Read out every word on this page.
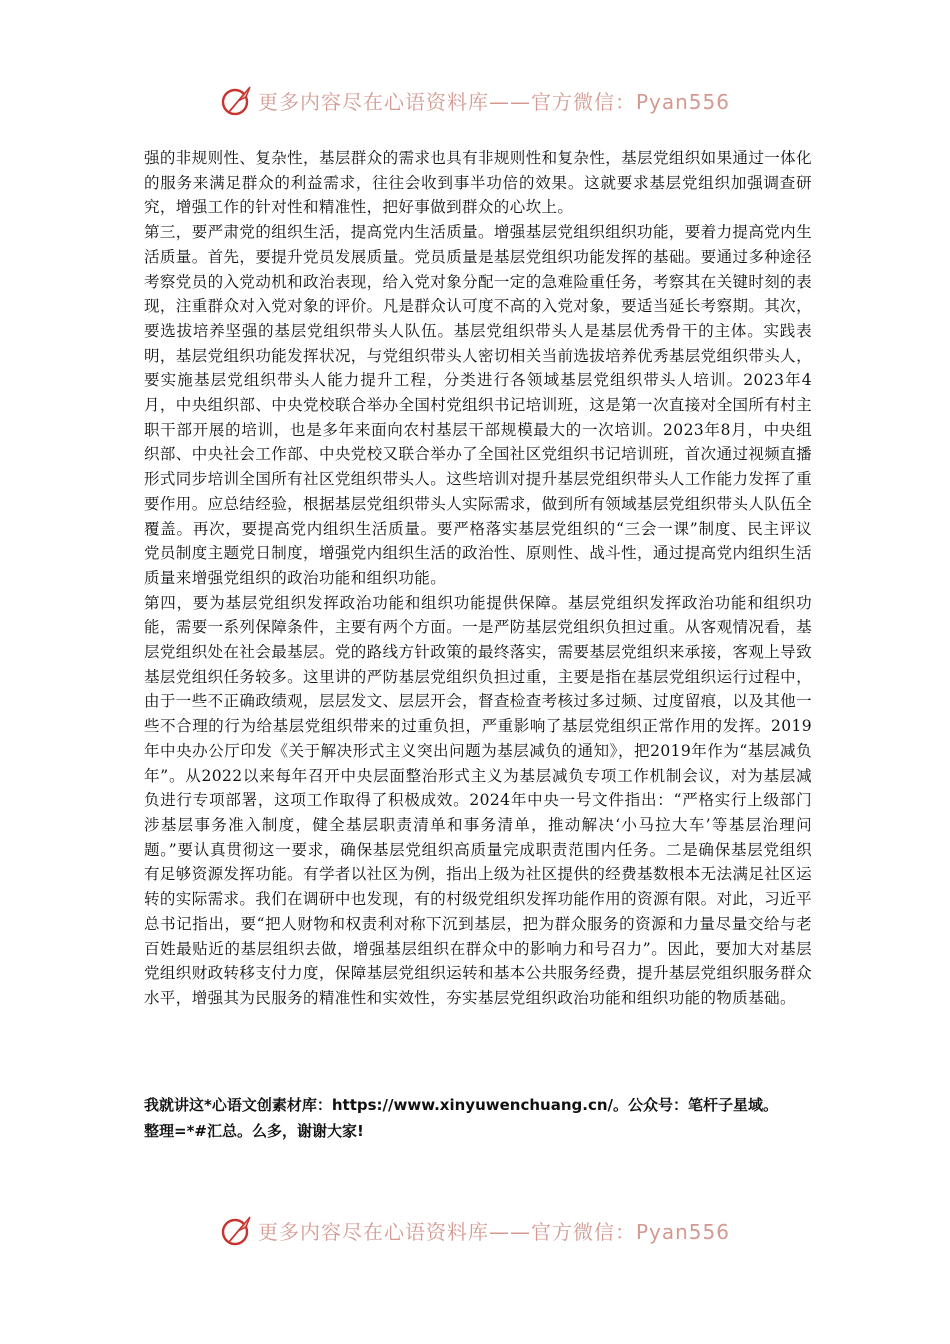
更多内容尽在心语资料库——官方微信：Pyan556

强的非规则性、复杂性，基层群众的需求也具有非规则性和复杂性，基层党组织如果通过一体化的服务来满足群众的利益需求，往往会收到事半功倍的效果。这就要求基层党组织加强调查研究，增强工作的针对性和精准性，把好事做到群众的心坎上。

第三，要严肃党的组织生活，提高党内生活质量。增强基层党组织组织功能，要着力提高党内生活质量。首先，要提升党员发展质量。党员质量是基层党组织功能发挥的基础。要通过多种途径考察党员的入党动机和政治表现，给入党对象分配一定的急难险重任务，考察其在关键时刻的表现，注重群众对入党对象的评价。凡是群众认可度不高的入党对象，要适当延长考察期。其次，要选拔培养坚强的基层党组织带头人队伍。基层党组织带头人是基层优秀骨干的主体。实践表明，基层党组织功能发挥状况，与党组织带头人密切相关当前选拔培养优秀基层党组织带头人，要实施基层党组织带头人能力提升工程，分类进行各领域基层党组织带头人培训。2023年4月，中央组织部、中央党校联合举办全国村党组织书记培训班，这是第一次直接对全国所有村主职干部开展的培训，也是多年来面向农村基层干部规模最大的一次培训。2023年8月，中央组织部、中央社会工作部、中央党校又联合举办了全国社区党组织书记培训班，首次通过视频直播形式同步培训全国所有社区党组织带头人。这些培训对提升基层党组织带头人工作能力发挥了重要作用。应总结经验，根据基层党组织带头人实际需求，做到所有领域基层党组织带头人队伍全覆盖。再次，要提高党内组织生活质量。要严格落实基层党组织的“三会一课”制度、民主评议党员制度主题党日制度，增强党内组织生活的政治性、原则性、战斗性，通过提高党内组织生活质量来增强党组织的政治功能和组织功能。

第四，要为基层党组织发挥政治功能和组织功能提供保障。基层党组织发挥政治功能和组织功能，需要一系列保障条件，主要有两个方面。一是严防基层党组织负担过重。从客观情况看，基层党组织处在社会最基层。党的路线方针政策的最终落实，需要基层党组织来承接，客观上导致基层党组织任务较多。这里讲的严防基层党组织负担过重，主要是指在基层党组织运行过程中，由于一些不正确政绩观，层层发文、层层开会，督查检查考核过多过频、过度留痕，以及其他一些不合理的行为给基层党组织带来的过重负担，严重影响了基层党组织正常作用的发挥。2019年中央办公厅印发《关于解决形式主义突出问题为基层减负的通知》，把2019年作为“基层减负年”。从2022以来每年召开中央层面整治形式主义为基层减负专项工作机制会议，对为基层减负进行专项部署，这项工作取得了积极成效。2024年中央一号文件指出：“严格实行上级部门涉基层事务准入制度，健全基层职责清单和事务清单，推动解决‘小马拉大车’等基层治理问题。”要认真贯彻这一要求，确保基层党组织高质量完成职责范围内任务。二是确保基层党组织有足够资源发挥功能。有学者以社区为例，指出上级为社区提供的经费基数根本无法满足社区运转的实际需求。我们在调研中也发现，有的村级党组织发挥功能作用的资源有限。对此，习近平总书记指出，要“把人财物和权责利对称下沉到基层，把为群众服务的资源和力量尽量交给与老百姓最贴近的基层组织去做，增强基层组织在群众中的影响力和号召力”。因此，要加大对基层党组织财政转移支付力度，保障基层党组织运转和基本公共服务经费，提升基层党组织服务群众水平，增强其为民服务的精准性和实效性，夯实基层党组织政治功能和组织功能的物质基础。

我就讲这*心语文创素材库：https://www.xinyuwenchuang.cn/。公众号：笔杆子星域。
整理=*#汇总。么多，谢谢大家!
更多内容尽在心语资料库——官方微信：Pyan556
